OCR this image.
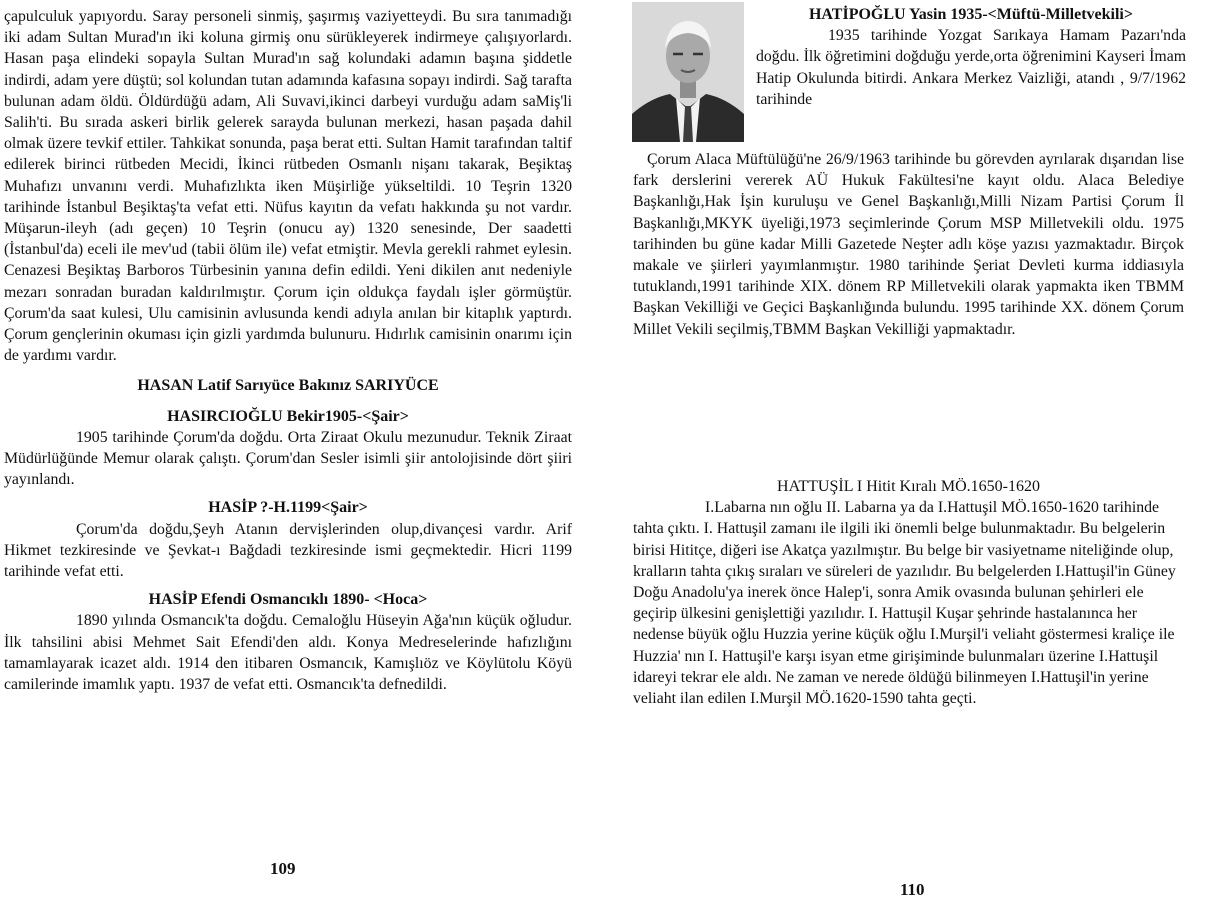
çapulculuk yapıyordu. Saray personeli sinmiş, şaşırmış vaziyetteydi. Bu sıra tanımadığı iki adam Sultan Murad'ın iki koluna girmiş onu sürükleyerek indirmeye çalışıyorlardı. Hasan paşa elindeki sopayla Sultan Murad'ın sağ kolundaki adamın başına şiddetle indirdi, adam yere düştü; sol kolundan tutan adamında kafasına sopayı indirdi. Sağ tarafta bulunan adam öldü. Öldürdüğü adam, Ali Suvavi,ikinci darbeyi vurduğu adam saMiş'li Salih'ti. Bu sırada askeri birlik gelerek sarayda bulunan merkezi, hasan paşada dahil olmak üzere tevkif ettiler. Tahkikat sonunda, paşa berat etti. Sultan Hamit tarafından taltif edilerek birinci rütbeden Mecidi, İkinci rütbeden Osmanlı nişanı takarak, Beşiktaş Muhafızı unvanını verdi. Muhafızlıkta iken Müşirliğe yükseltildi. 10 Teşrin 1320 tarihinde İstanbul Beşiktaş'ta vefat etti. Nüfus kayıtın da vefatı hakkında şu not vardır. Müşarun-ileyh (adı geçen) 10 Teşrin (onucu ay) 1320 senesinde, Der saadetti (İstanbul'da) eceli ile mev'ud (tabii ölüm ile) vefat etmiştir. Mevla gerekli rahmet eylesin. Cenazesi Beşiktaş Barboros Türbesinin yanına defin edildi. Yeni dikilen anıt nedeniyle mezarı sonradan buradan kaldırılmıştır. Çorum için oldukça faydalı işler görmüştür. Çorum'da saat kulesi, Ulu camisinin avlusunda kendi adıyla anılan bir kitaplık yaptırdı. Çorum gençlerinin okuması için gizli yardımda bulunuru. Hıdırlık camisinin onarımı için de yardımı vardır.

HASAN Latif Sarıyüce Bakınız SARIYÜCE
HASIRCIOĞLU Bekir1905-<Şair>

1905 tarihinde Çorum'da doğdu. Orta Ziraat Okulu mezunudur. Teknik Ziraat Müdürlüğünde Memur olarak çalıştı. Çorum'dan Sesler isimli şiir antolojisinde dört şiiri yayınlandı.

HASİP ?-H.1199<Şair>

Çorum'da doğdu,Şeyh Atanın dervişlerinden olup,divançesi vardır. Arif Hikmet tezkiresinde ve Şevkat-ı Bağdadi tezkiresinde ismi geçmektedir. Hicri 1199 tarihinde vefat etti.

HASİP Efendi Osmancıklı 1890- <Hoca>

1890 yılında Osmancık'ta doğdu. Cemaloğlu Hüseyin Ağa'nın küçük oğludur. İlk tahsilini abisi Mehmet Sait Efendi'den aldı. Konya Medreselerinde hafızlığını tamamlayarak icazet aldı. 1914 den itibaren Osmancık, Kamışlıöz ve Köylütolu Köyü camilerinde imamlık yaptı. 1937 de vefat etti. Osmancık'ta defnedildi.

109
HATİPOĞLU Yasin 1935-<Müftü-Milletvekili>

1935 tarihinde Yozgat Sarıkaya Hamam Pazarı'nda doğdu. İlk öğretimini doğduğu yerde,orta öğrenimini Kayseri İmam Hatip Okulunda bitirdi. Ankara Merkez Vaizliği, atandı , 9/7/1962 tarihinde

Çorum Alaca Müftülüğü'ne 26/9/1963 tarihinde bu görevden ayrılarak dışarıdan lise fark derslerini vererek AÜ Hukuk Fakültesi'ne kayıt oldu. Alaca Belediye Başkanlığı,Hak İşin kuruluşu ve Genel Başkanlığı,Milli Nizam Partisi Çorum İl Başkanlığı,MKYK üyeliği,1973 seçimlerinde Çorum MSP Milletvekili oldu. 1975 tarihinden bu güne kadar Milli Gazetede Neşter adlı köşe yazısı yazmaktadır. Birçok makale ve şiirleri yayımlanmıştır. 1980 tarihinde Şeriat Devleti kurma iddiasıyla tutuklandı,1991 tarihinde XIX. dönem RP Milletvekili olarak yapmakta iken TBMM Başkan Vekilliği ve Geçici Başkanlığında bulundu. 1995 tarihinde XX. dönem Çorum Millet Vekili seçilmiş,TBMM Başkan Vekilliği yapmaktadır.

HATTUŞİL I Hitit Kıralı MÖ.1650-1620

I.Labarna nın oğlu II. Labarna ya da I.Hattuşil MÖ.1650-1620 tarihinde tahta çıktı. I. Hattuşil zamanı ile ilgili iki önemli belge bulunmaktadır. Bu belgelerin birisi Hititçe, diğeri ise Akatça yazılmıştır. Bu belge bir vasiyetname niteliğinde olup, kralların tahta çıkış sıraları ve süreleri de yazılıdır. Bu belgelerden I.Hattuşil'in Güney Doğu Anadolu'ya inerek önce Halep'i, sonra Amik ovasında bulunan şehirleri ele geçirip ülkesini genişlettiği yazılıdır. I. Hattuşil Kuşar şehrinde hastalanınca her nedense büyük oğlu Huzzia yerine küçük oğlu I.Murşil'i veliaht göstermesi kraliçe ile Huzzia' nın I. Hattuşil'e karşı isyan etme girişiminde bulunmaları üzerine I.Hattuşil idareyi tekrar ele aldı. Ne zaman ve nerede öldüğü bilinmeyen I.Hattuşil'in yerine veliaht ilan edilen I.Murşil MÖ.1620-1590 tahta geçti.

110
